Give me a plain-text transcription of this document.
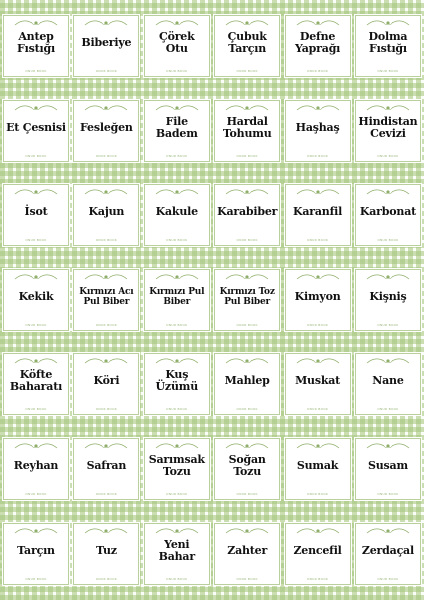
Antep Fıstığı
ONUR BOOK
Biberiye
ONUR BOOK
Çörek Otu
ONUR BOOK
Çubuk Tarçın
ONUR BOOK
Defne Yaprağı
ONUR BOOK
Dolma Fıstığı
ONUR BOOK
Et Çesnisi
ONUR BOOK
Fesleğen
ONUR BOOK
File Badem
ONUR BOOK
Hardal Tohumu
ONUR BOOK
Haşhaş
ONUR BOOK
Hindistan Cevizi
ONUR BOOK
İsot
ONUR BOOK
Kajun
ONUR BOOK
Kakule
ONUR BOOK
Karabiber
ONUR BOOK
Karanfil
ONUR BOOK
Karbonat
ONUR BOOK
Kekik
ONUR BOOK
Kırmızı Acı Pul Biber
ONUR BOOK
Kırmızı Pul Biber
ONUR BOOK
Kırmızı Toz Pul Biber
ONUR BOOK
Kimyon
ONUR BOOK
Kişniş
ONUR BOOK
Köfte Baharatı
ONUR BOOK
Köri
ONUR BOOK
Kuş Üzümü
ONUR BOOK
Mahlep
ONUR BOOK
Muskat
ONUR BOOK
Nane
ONUR BOOK
Reyhan
ONUR BOOK
Safran
ONUR BOOK
Sarımsak Tozu
ONUR BOOK
Soğan Tozu
ONUR BOOK
Sumak
ONUR BOOK
Susam
ONUR BOOK
Tarçın
ONUR BOOK
Tuz
ONUR BOOK
Yeni Bahar
ONUR BOOK
Zahter
ONUR BOOK
Zencefil
ONUR BOOK
Zerdaçal
ONUR BOOK
